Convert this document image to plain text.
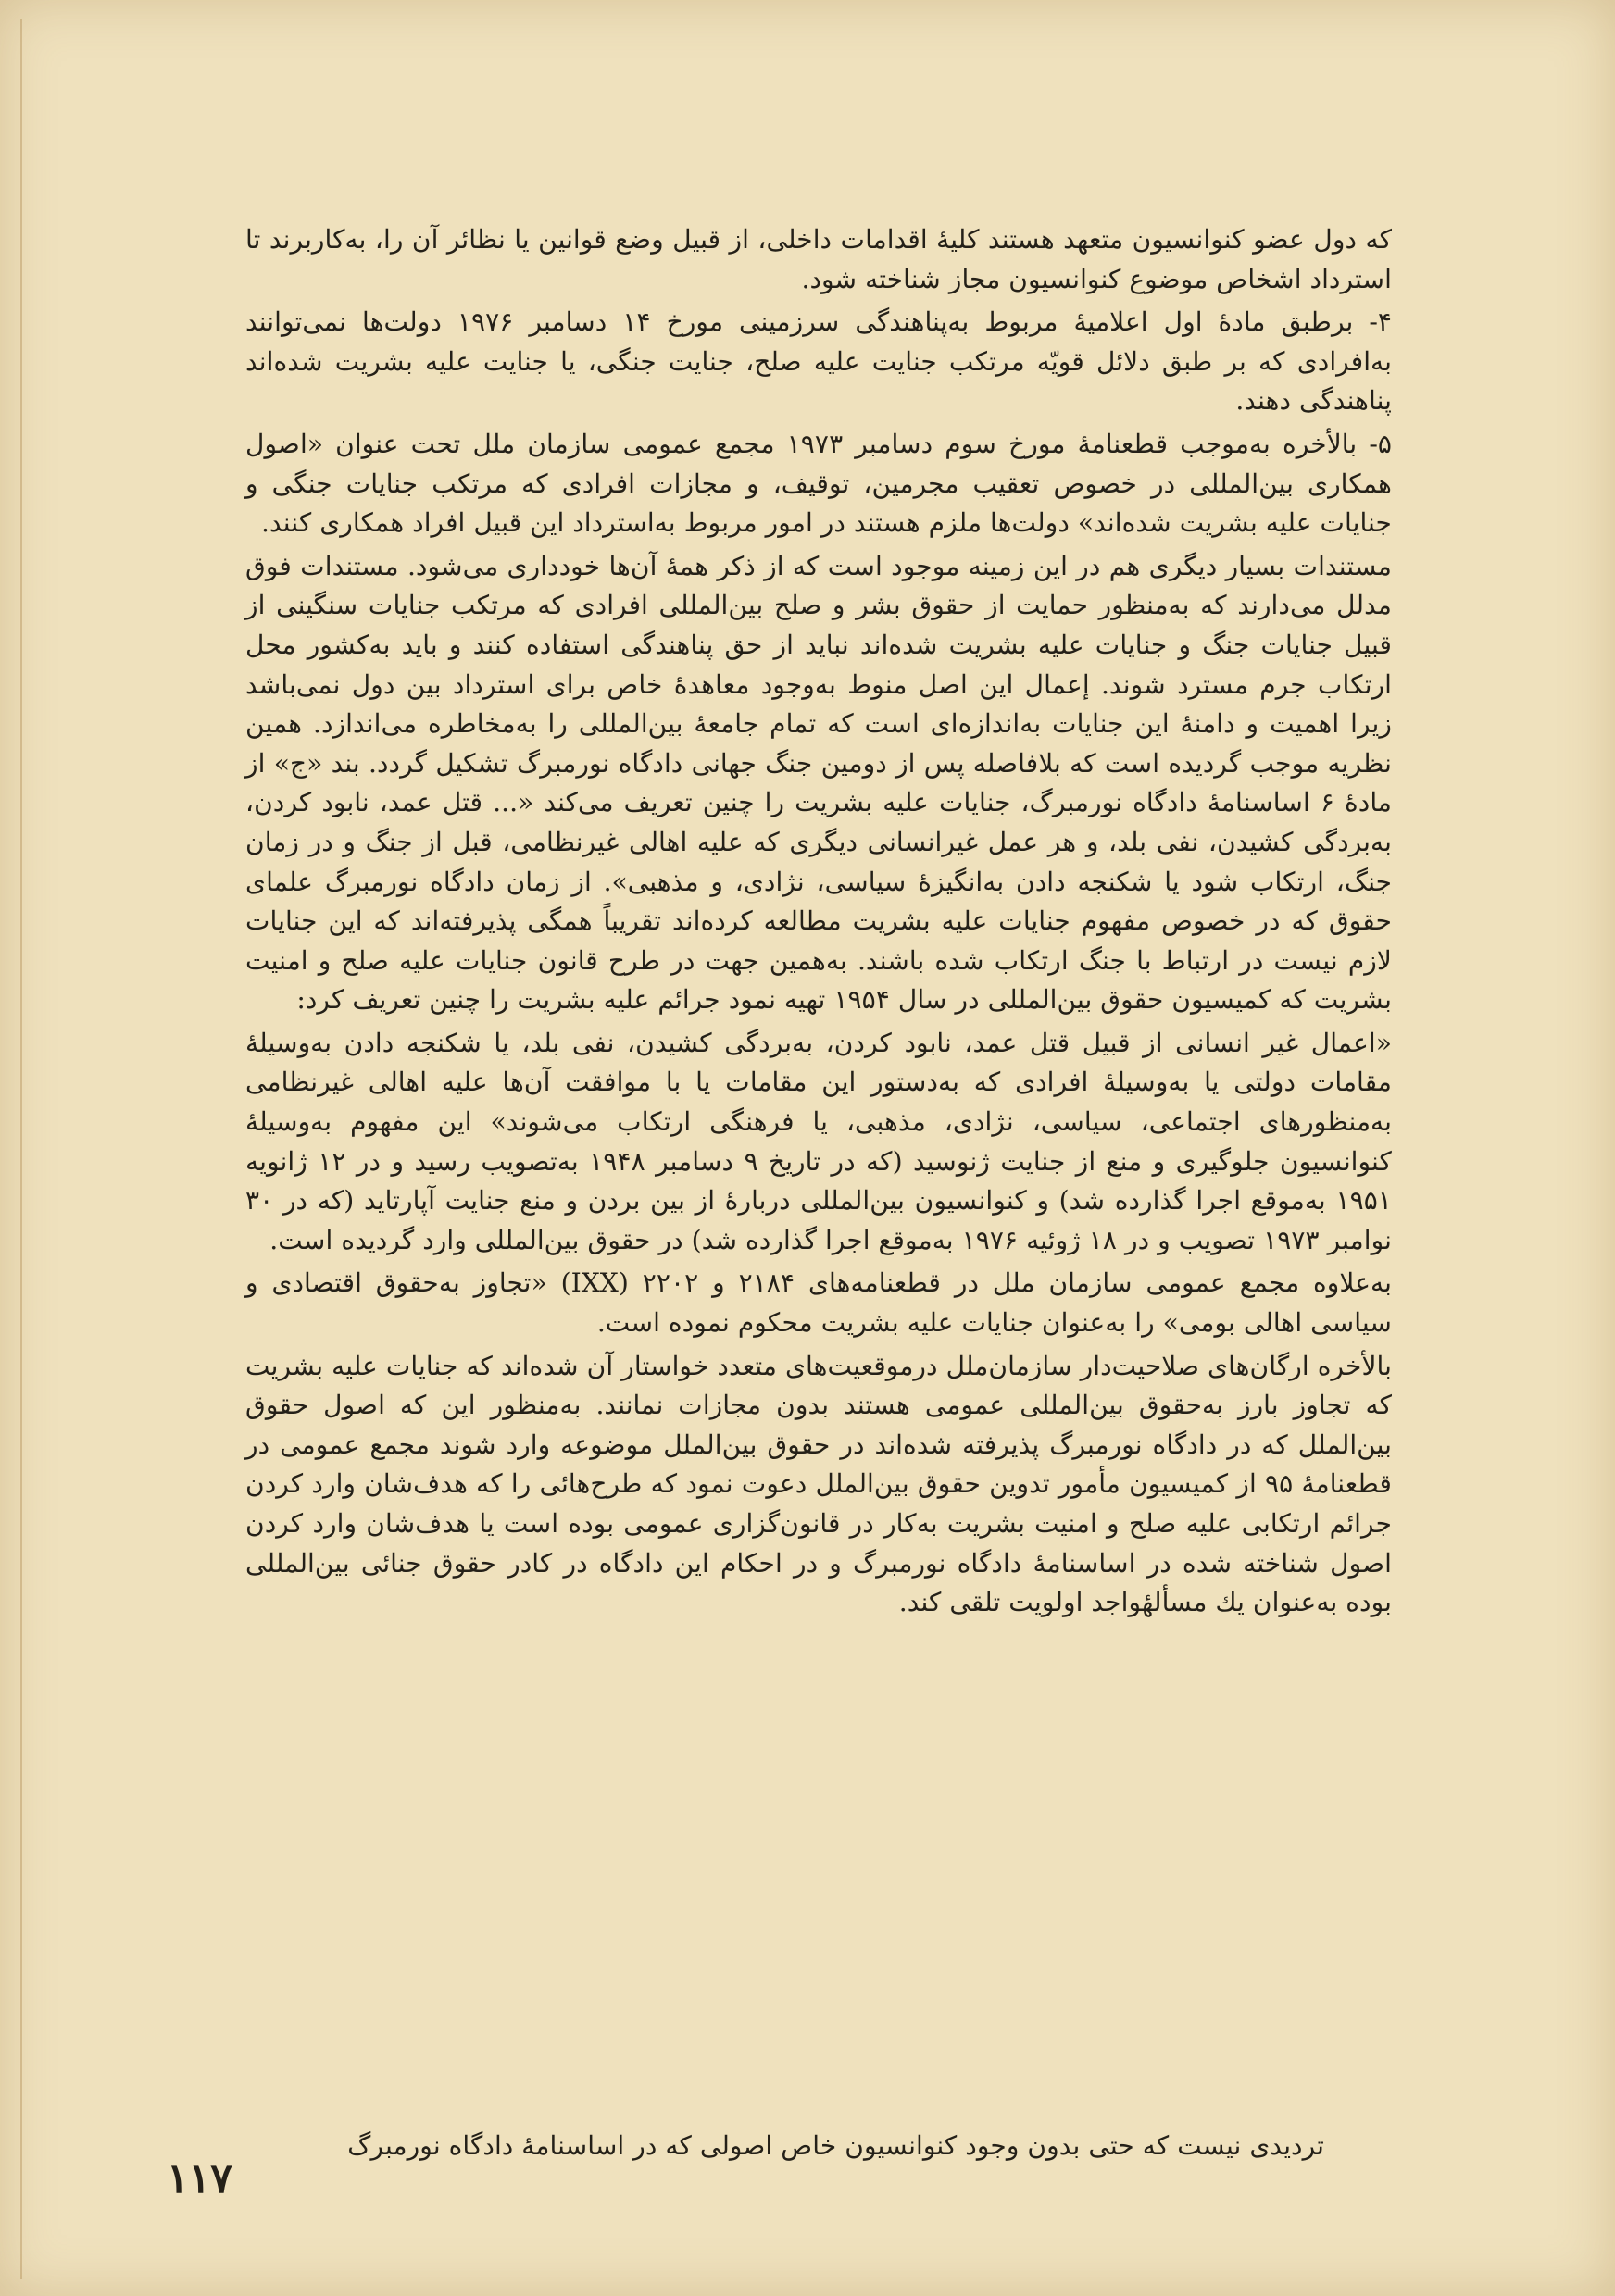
که دول عضو کنوانسیون متعهد هستند کلیهٔ اقدامات داخلی، از قبیل وضع قوانین یا نظائر آن را، به‌کاربرند تا استرداد اشخاص موضوع کنوانسیون مجاز شناخته شود.

۴- برطبق مادهٔ اول اعلامیهٔ مربوط به‌پناهندگی سرزمینی مورخ ۱۴ دسامبر ۱۹۷۶ دولت‌ها نمی‌توانند به‌افرادی که بر طبق دلائل قویّه مرتکب جنایت علیه صلح، جنایت جنگی، یا جنایت علیه بشریت شده‌اند پناهندگی دهند.

۵- بالأخره به‌موجب قطعنامهٔ مورخ سوم دسامبر ۱۹۷۳ مجمع عمومی سازمان ملل تحت عنوان «اصول همکاری بین‌المللی در خصوص تعقیب مجرمین، توقیف، و مجازات افرادی که مرتکب جنایات جنگی و جنایات علیه بشریت شده‌اند» دولت‌ها ملزم هستند در امور مربوط به‌استرداد این قبیل افراد همکاری کنند.

مستندات بسیار دیگری هم در این زمینه موجود است که از ذکر همهٔ آن‌ها خودداری می‌شود. مستندات فوق مدلل می‌دارند که به‌منظور حمایت از حقوق بشر و صلح بین‌المللی افرادی که مرتکب جنایات سنگینی از قبیل جنایات جنگ و جنایات علیه بشریت شده‌اند نباید از حق پناهندگی استفاده کنند و باید به‌کشور محل ارتکاب جرم مسترد شوند. إعمال این اصل منوط به‌وجود معاهدهٔ خاص برای استرداد بین دول نمی‌باشد زیرا اهمیت و دامنهٔ این جنایات به‌اندازه‌ای است که تمام جامعهٔ بین‌المللی را به‌مخاطره می‌اندازد. همین نظریه موجب گردیده است که بلافاصله پس از دومین جنگ جهانی دادگاه نورمبرگ تشکیل گردد. بند «ج» از مادهٔ ۶ اساسنامهٔ دادگاه نورمبرگ، جنایات علیه بشریت را چنین تعریف می‌کند «... قتل عمد، نابود کردن، به‌بردگی کشیدن، نفی بلد، و هر عمل غیرانسانی دیگری که علیه اهالی غیرنظامی، قبل از جنگ و در زمان جنگ، ارتکاب شود یا شکنجه دادن به‌انگیزهٔ سیاسی، نژادی، و مذهبی». از زمان دادگاه نورمبرگ علمای حقوق که در خصوص مفهوم جنایات علیه بشریت مطالعه کرده‌اند تقریباً همگی پذیرفته‌اند که این جنایات لازم نیست در ارتباط با جنگ ارتکاب شده باشند. به‌همین جهت در طرح قانون جنایات علیه صلح و امنیت بشریت که کمیسیون حقوق بین‌المللی در سال ۱۹۵۴ تهیه نمود جرائم علیه بشریت را چنین تعریف کرد:

«اعمال غیر انسانی از قبیل قتل عمد، نابود کردن، به‌بردگی کشیدن، نفی بلد، یا شکنجه دادن به‌وسیلهٔ مقامات دولتی یا به‌وسیلهٔ افرادی که به‌دستور این مقامات یا با موافقت آن‌ها علیه اهالی غیرنظامی به‌منظورهای اجتماعی، سیاسی، نژادی، مذهبی، یا فرهنگی ارتکاب می‌شوند» این مفهوم به‌وسیلهٔ کنوانسیون جلوگیری و منع از جنایت ژنوسید (که در تاریخ ۹ دسامبر ۱۹۴۸ به‌تصویب رسید و در ۱۲ ژانویه ۱۹۵۱ به‌موقع اجرا گذارده شد) و کنوانسیون بین‌المللی دربارهٔ از بین بردن و منع جنایت آپارتاید (که در ۳۰ نوامبر ۱۹۷۳ تصویب و در ۱۸ ژوئیه ۱۹۷۶ به‌موقع اجرا گذارده شد) در حقوق بین‌المللی وارد گردیده است.

به‌علاوه مجمع عمومی سازمان ملل در قطعنامه‌های ۲۱۸۴ و ۲۲۰۲ (IXX) «تجاوز به‌حقوق اقتصادی و سیاسی اهالی بومی» را به‌عنوان جنایات علیه بشریت محکوم نموده است.

بالأخره ارگان‌های صلاحیت‌دار سازمان‌ملل درموقعیت‌های متعدد خواستار آن شده‌اند که جنایات علیه بشریت که تجاوز بارز به‌حقوق بین‌المللی عمومی هستند بدون مجازات نمانند. به‌منظور این که اصول حقوق بین‌الملل که در دادگاه نورمبرگ پذیرفته شده‌اند در حقوق بین‌الملل موضوعه وارد شوند مجمع عمومی در قطعنامهٔ ۹۵ از کمیسیون مأمور تدوین حقوق بین‌الملل دعوت نمود که طرح‌هائی را که هدف‌شان وارد کردن جرائم ارتکابی علیه صلح و امنیت بشریت به‌کار در قانون‌گزاری عمومی بوده است یا هدف‌شان وارد کردن اصول شناخته شده در اساسنامهٔ دادگاه نورمبرگ و در احکام این دادگاه در کادر حقوق جنائی بین‌المللی بوده به‌عنوان یك مسألهٔواجد اولویت تلقی کند.

تردیدی نیست که حتی بدون وجود کنوانسیون خاص اصولی که در اساسنامهٔ دادگاه نورمبرگ
۱۱۷
